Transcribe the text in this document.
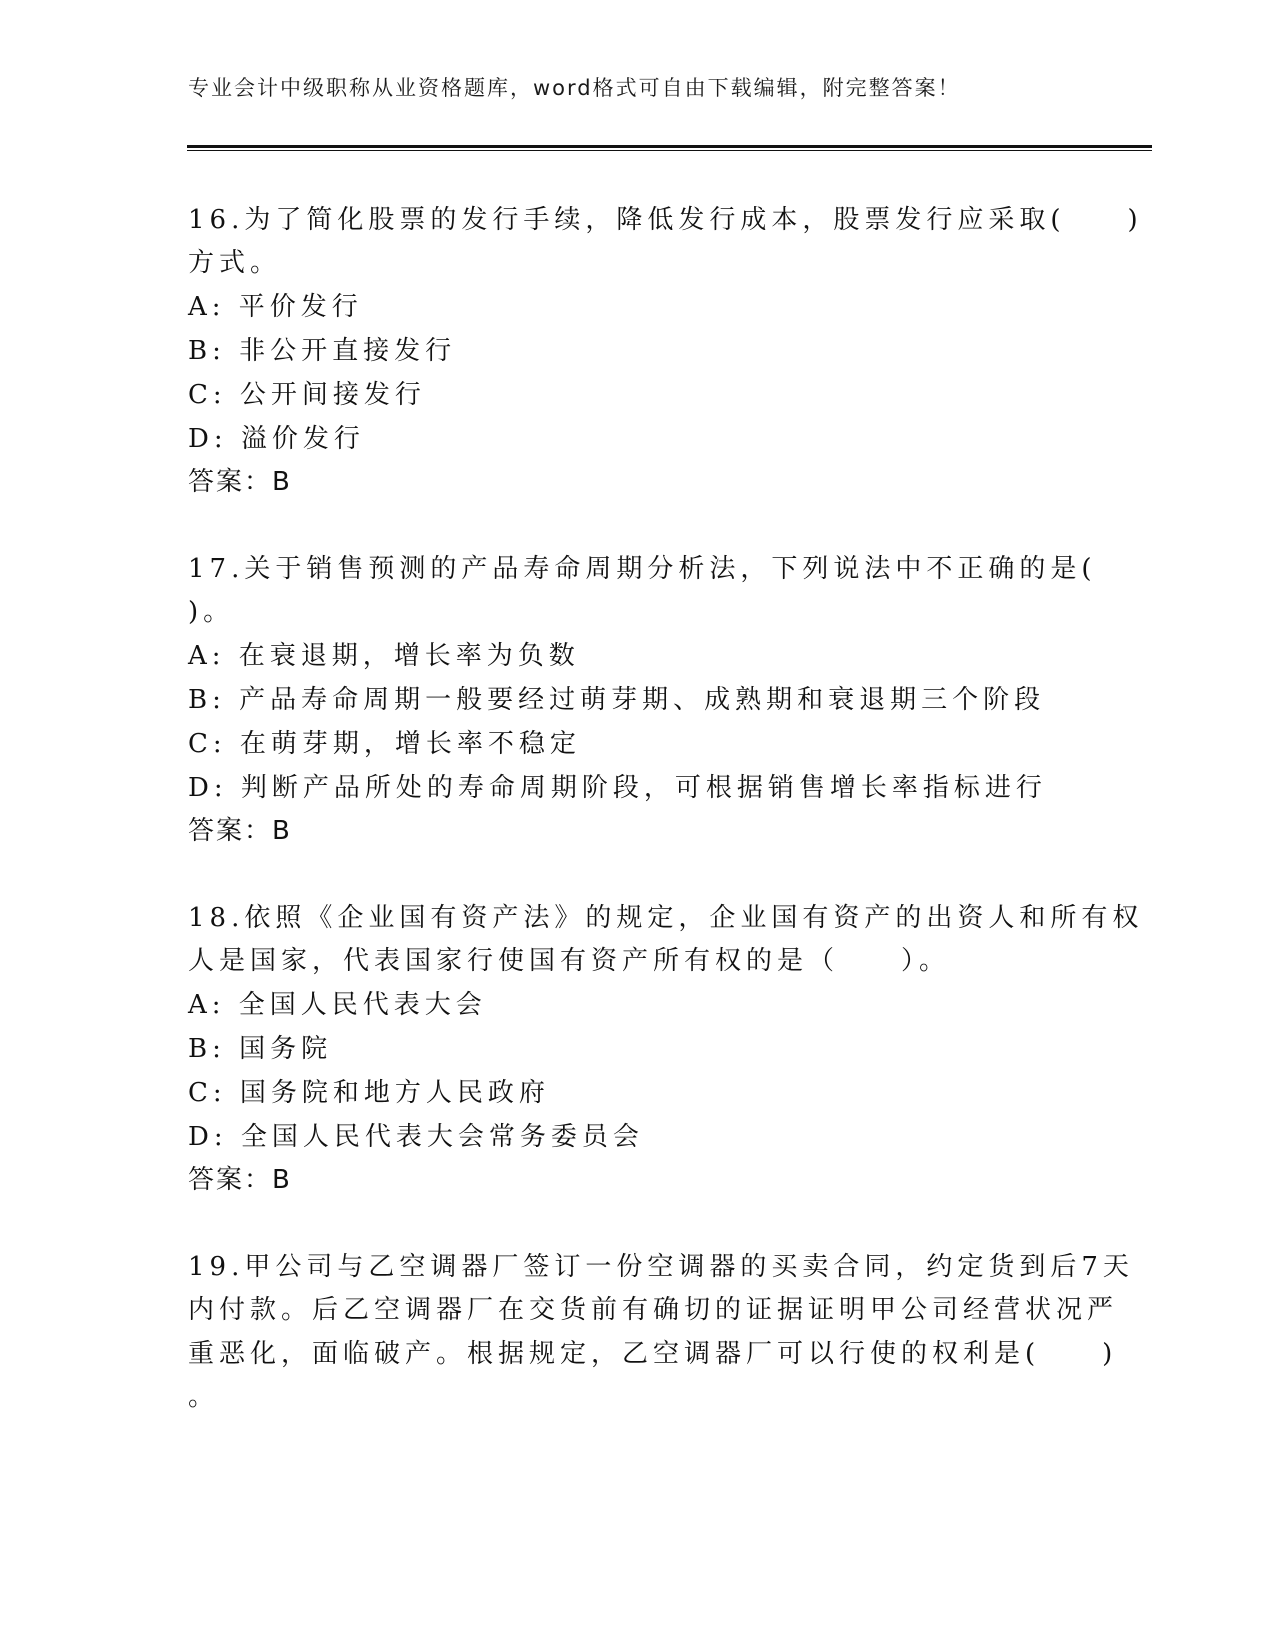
专业会计中级职称从业资格题库，word格式可自由下载编辑，附完整答案！
16.为了简化股票的发行手续，降低发行成本，股票发行应采取(　　)
方式。
A: 平价发行
B: 非公开直接发行
C: 公开间接发行
D: 溢价发行
答案：B
17.关于销售预测的产品寿命周期分析法，下列说法中不正确的是(
)。
A: 在衰退期，增长率为负数
B: 产品寿命周期一般要经过萌芽期、成熟期和衰退期三个阶段
C: 在萌芽期，增长率不稳定
D: 判断产品所处的寿命周期阶段，可根据销售增长率指标进行
答案：B
18.依照《企业国有资产法》的规定，企业国有资产的出资人和所有权
人是国家，代表国家行使国有资产所有权的是（　　）。
A: 全国人民代表大会
B: 国务院
C: 国务院和地方人民政府
D: 全国人民代表大会常务委员会
答案：B
19.甲公司与乙空调器厂签订一份空调器的买卖合同，约定货到后7天
内付款。后乙空调器厂在交货前有确切的证据证明甲公司经营状况严
重恶化，面临破产。根据规定，乙空调器厂可以行使的权利是(　　)
。
